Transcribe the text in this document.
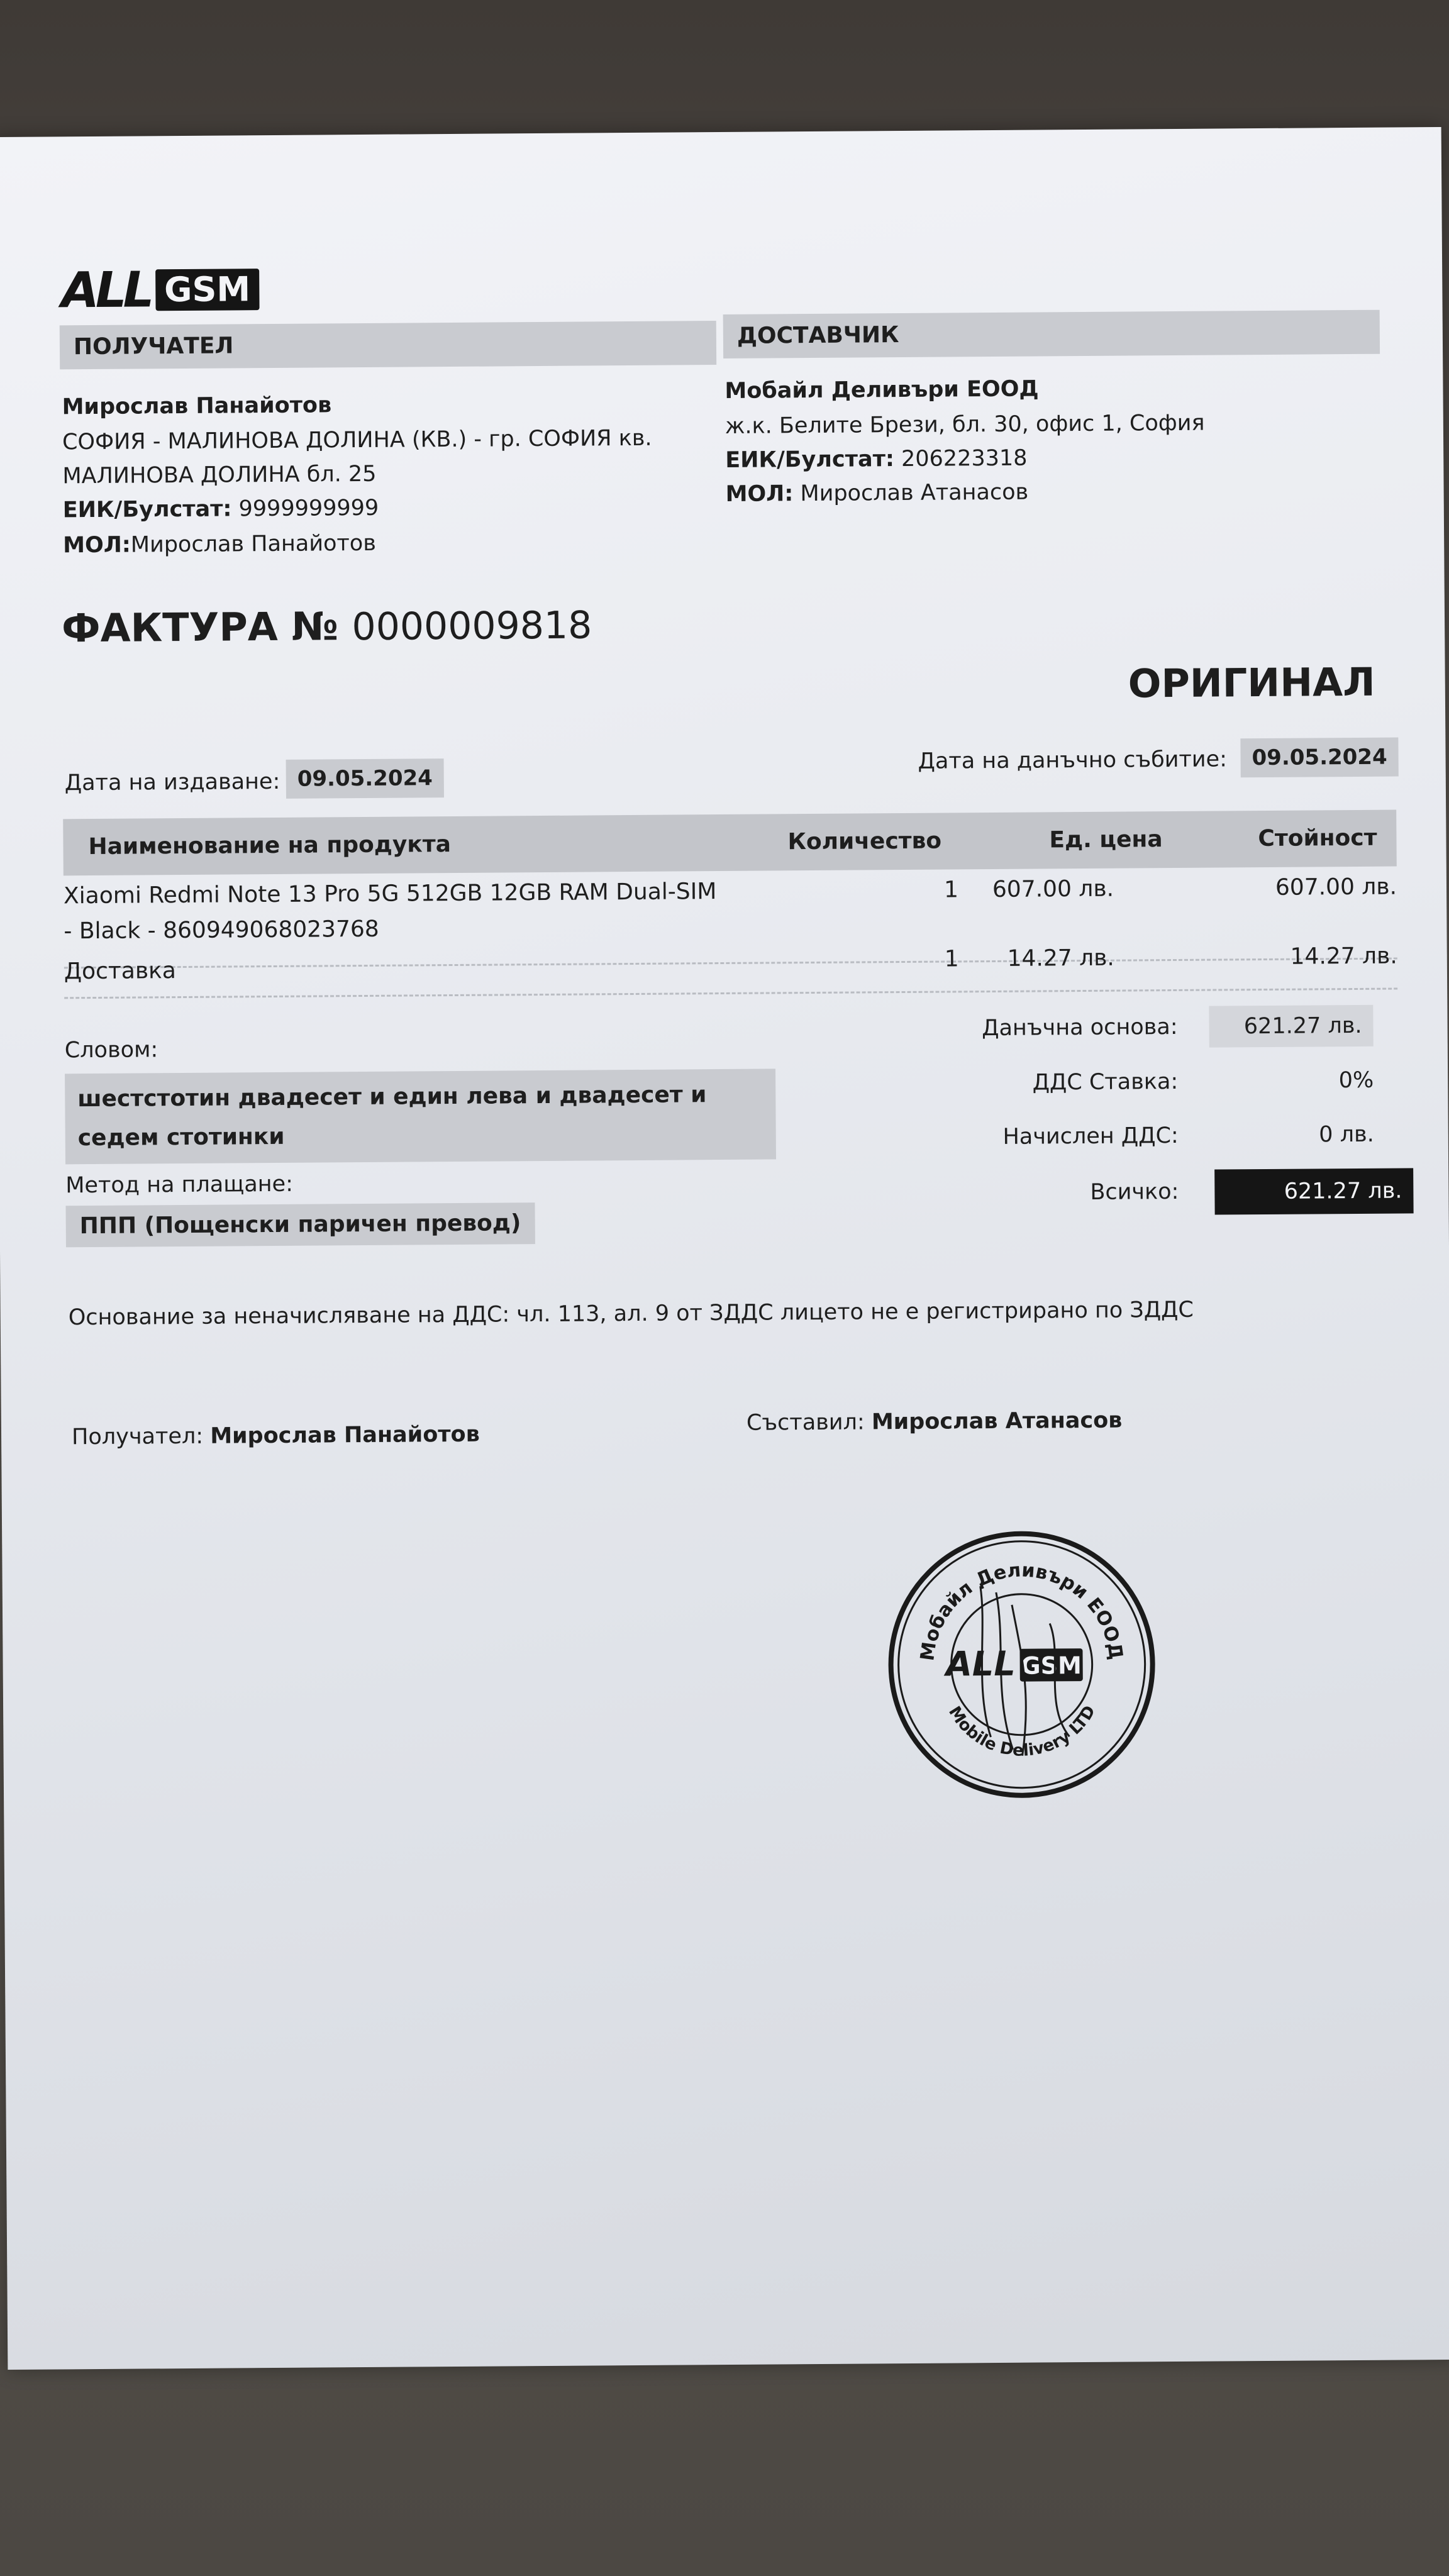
ALL GSM
ПОЛУЧАТЕЛ
Мирослав Панайотов
СОФИЯ - МАЛИНОВА ДОЛИНА (КВ.) - гр. СОФИЯ кв.
МАЛИНОВА ДОЛИНА бл. 25
ЕИК/Булстат: 9999999999
МОЛ:Мирослав Панайотов
ДОСТАВЧИК
Мобайл Деливъри ЕООД
ж.к. Белите Брези, бл. 30, офис 1, София
ЕИК/Булстат: 206223318
МОЛ: Мирослав Атанасов
ФАКТУРА № 0000009818
ОРИГИНАЛ
Дата на издаване: 09.05.2024
Дата на данъчно събитие:	09.05.2024
Наименование на продукта	Количество	Ед. цена	Стойност
Xiaomi Redmi Note 13 Pro 5G 512GB 12GB RAM Dual-SIM
- Black - 860949068023768
1 607.00 лв.	607.00 лв.
Доставка	1 14.27 лв.	14.27 лв.
Словом:
шестстотин двадесет и един лева и двадесет и
седем стотинки
Метод на плащане:
ППП (Пощенски паричен превод)
Данъчна основа:	621.27 лв.
ДДС Ставка:	0%
Начислен ДДС:	0 лв.
Всичко:	621.27 лв.
Основание за неначисляване на ДДС: чл. 113, ал. 9 от ЗДДС лицето не е регистрирано по ЗДДС
Получател: Мирослав Панайотов	Съставил: Мирослав Атанасов
Мобайл Деливъри ЕООД
Mobile Delivery LTD
ALL GSM
